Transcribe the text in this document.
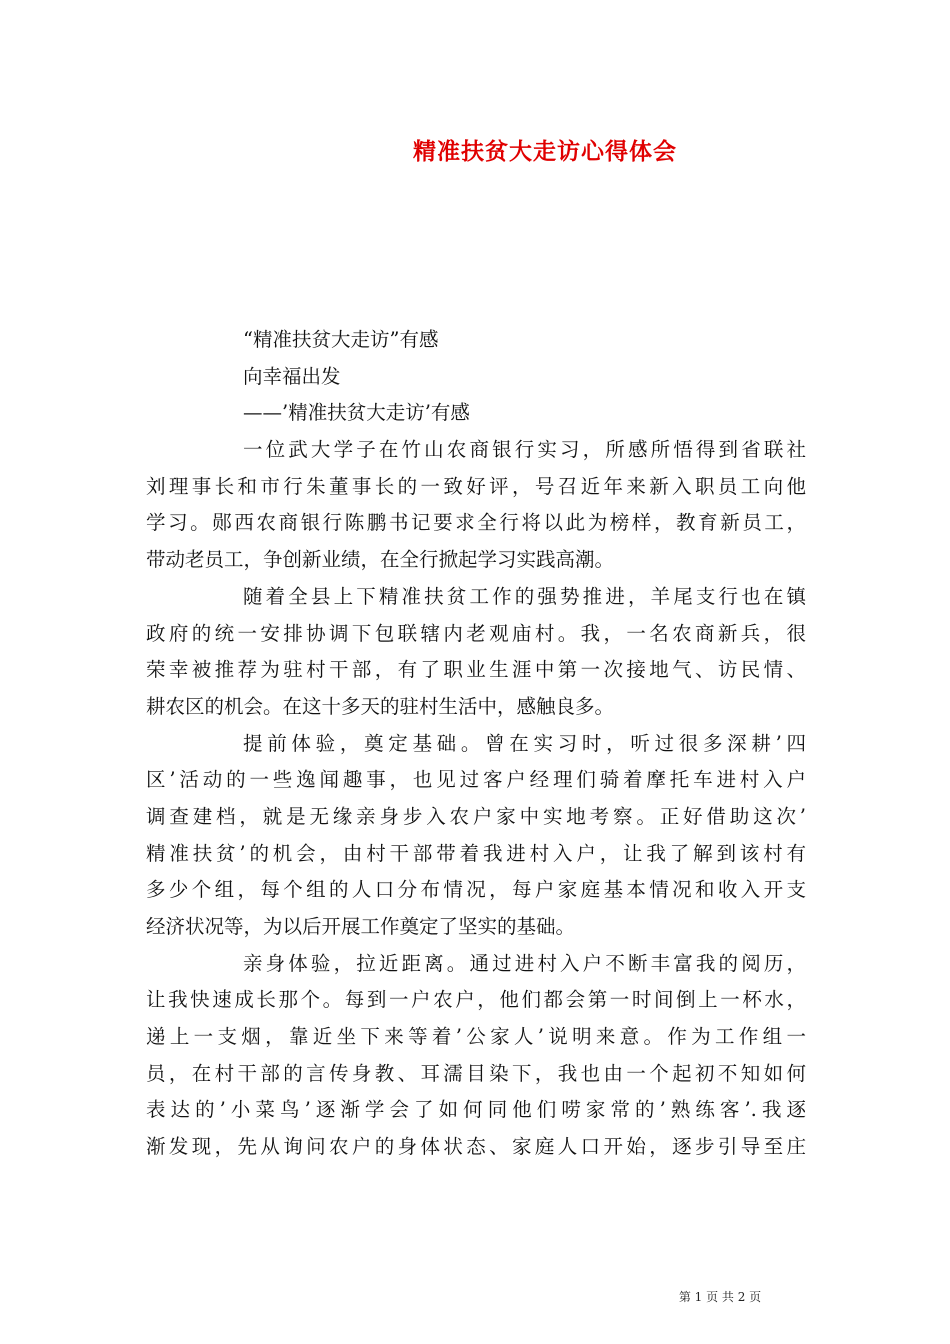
精准扶贫大走访心得体会
“精准扶贫大走访”有感
向幸福出发
——’精准扶贫大走访’有感
一位武大学子在竹山农商银行实习，所感所悟得到省联社
刘理事长和市行朱董事长的一致好评，号召近年来新入职员工向他
学习。郧西农商银行陈鹏书记要求全行将以此为榜样，教育新员工，
带动老员工，争创新业绩，在全行掀起学习实践高潮。
随着全县上下精准扶贫工作的强势推进，羊尾支行也在镇
政府的统一安排协调下包联辖内老观庙村。我，一名农商新兵，很
荣幸被推荐为驻村干部，有了职业生涯中第一次接地气、访民情、
耕农区的机会。在这十多天的驻村生活中，感触良多。
提前体验，奠定基础。曾在实习时，听过很多深耕’四
区’活动的一些逸闻趣事，也见过客户经理们骑着摩托车进村入户
调查建档，就是无缘亲身步入农户家中实地考察。正好借助这次’
精准扶贫’的机会，由村干部带着我进村入户，让我了解到该村有
多少个组，每个组的人口分布情况，每户家庭基本情况和收入开支
经济状况等，为以后开展工作奠定了坚实的基础。
亲身体验，拉近距离。通过进村入户不断丰富我的阅历，
让我快速成长那个。每到一户农户，他们都会第一时间倒上一杯水，
递上一支烟，靠近坐下来等着’公家人’说明来意。作为工作组一
员，在村干部的言传身教、耳濡目染下，我也由一个起初不知如何
表达的’小菜鸟’逐渐学会了如何同他们唠家常的’熟练客’.我逐
渐发现，先从询问农户的身体状态、家庭人口开始，逐步引导至庄
第 1 页 共 2 页
